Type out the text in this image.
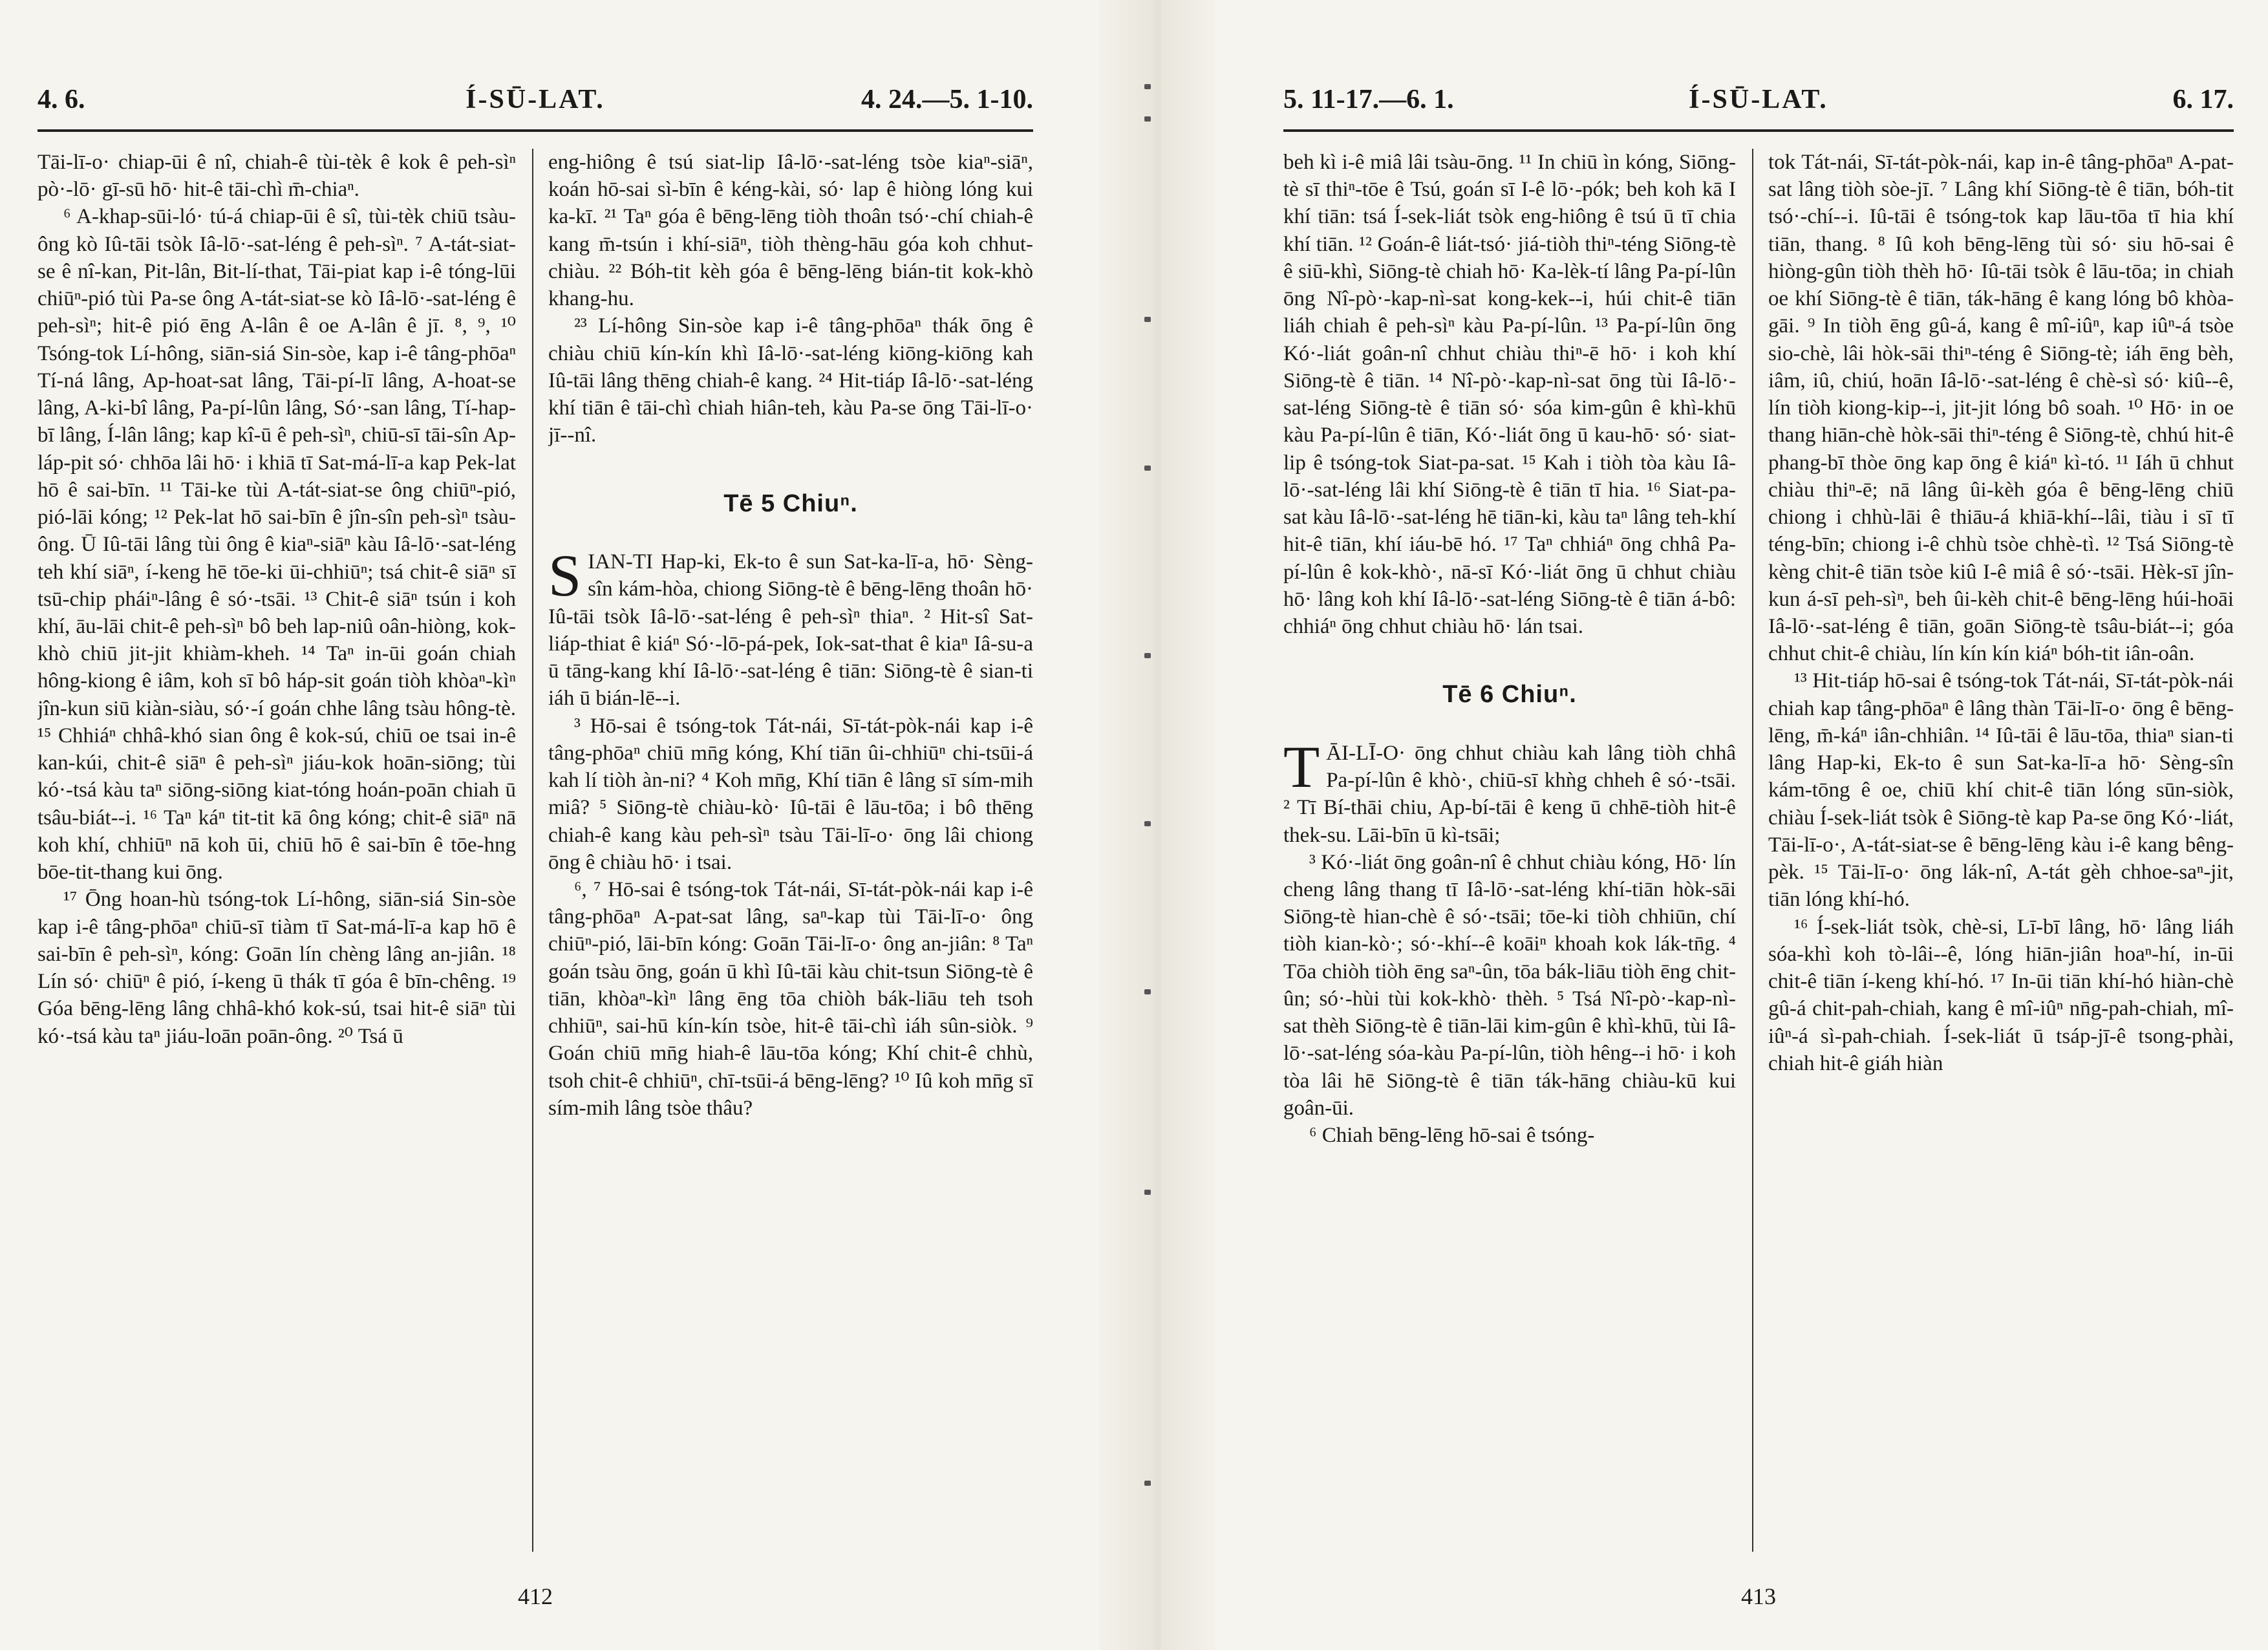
4. 6.	Í-SŪ-LAT.	4. 24.—5. 1-10.

Tāi-lī-o· chiap-ūi ê nî, chiah-ê tùi-tèk ê kok ê peh-sìⁿ pò·-lō· gī-sū hō· hit-ê tāi-chì m̄-chiaⁿ.

⁶ A-khap-sūi-ló· tú-á chiap-ūi ê sî, tùi-tèk chiū tsàu-ông kò Iû-tāi tsòk Iâ-lō·-sat-léng ê peh-sìⁿ. ⁷ A-tát-siat-se ê nî-kan, Pit-lân, Bit-lí-that, Tāi-piat kap i-ê tóng-lūi chiūⁿ-pió tùi Pa-se ông A-tát-siat-se kò Iâ-lō·-sat-léng ê peh-sìⁿ; hit-ê pió ēng A-lân ê oe A-lân ê jī. ⁸, ⁹, ¹⁰ Tsóng-tok Lí-hông, siān-siá Sin-sòe, kap i-ê tâng-phōaⁿ Tí-ná lâng, Ap-hoat-sat lâng, Tāi-pí-lī lâng, A-hoat-se lâng, A-ki-bî lâng, Pa-pí-lûn lâng, Só·-san lâng, Tí-hap-bī lâng, Í-lân lâng; kap kî-ū ê peh-sìⁿ, chiū-sī tāi-sîn Ap-láp-pit só· chhōa lâi hō· i khiā tī Sat-má-lī-a kap Pek-lat hō ê sai-bīn. ¹¹ Tāi-ke tùi A-tát-siat-se ông chiūⁿ-pió, pió-lāi kóng; ¹² Pek-lat hō sai-bīn ê jîn-sîn peh-sìⁿ tsàu-ông. Ū Iû-tāi lâng tùi ông ê kiaⁿ-siāⁿ kàu Iâ-lō·-sat-léng teh khí siāⁿ, í-keng hē tōe-ki ūi-chhiūⁿ; tsá chit-ê siāⁿ sī tsū-chip pháiⁿ-lâng ê só·-tsāi. ¹³ Chit-ê siāⁿ tsún i koh khí, āu-lāi chit-ê peh-sìⁿ bô beh lap-niû oân-hiòng, kok-khò chiū jit-jit khiàm-kheh. ¹⁴ Taⁿ in-ūi goán chiah hông-kiong ê iâm, koh sī bô háp-sit goán tiòh khòaⁿ-kìⁿ jîn-kun siū kiàn-siàu, só·-í goán chhe lâng tsàu hông-tè. ¹⁵ Chhiáⁿ chhâ-khó sian ông ê kok-sú, chiū oe tsai in-ê kan-kúi, chit-ê siāⁿ ê peh-sìⁿ jiáu-kok hoān-siōng; tùi kó·-tsá kàu taⁿ siōng-siōng kiat-tóng hoán-poān chiah ū tsâu-biát--i. ¹⁶ Taⁿ káⁿ tit-tit kā ông kóng; chit-ê siāⁿ nā koh khí, chhiūⁿ nā koh ūi, chiū hō ê sai-bīn ê tōe-hng bōe-tit-thang kui ōng.

¹⁷ Ōng hoan-hù tsóng-tok Lí-hông, siān-siá Sin-sòe kap i-ê tâng-phōaⁿ chiū-sī tiàm tī Sat-má-lī-a kap hō ê sai-bīn ê peh-sìⁿ, kóng: Goān lín chèng lâng an-jiân. ¹⁸ Lín só· chiūⁿ ê pió, í-keng ū thák tī góa ê bīn-chêng. ¹⁹ Góa bēng-lēng lâng chhâ-khó kok-sú, tsai hit-ê siāⁿ tùi kó·-tsá kàu taⁿ jiáu-loān poān-ông. ²⁰ Tsá ū

eng-hiông ê tsú siat-lip Iâ-lō·-sat-léng tsòe kiaⁿ-siāⁿ, koán hō-sai sì-bīn ê kéng-kài, só· lap ê hiòng lóng kui ka-kī. ²¹ Taⁿ góa ê bēng-lēng tiòh thoân tsó·-chí chiah-ê kang m̄-tsún i khí-siāⁿ, tiòh thèng-hāu góa koh chhut-chiàu. ²² Bóh-tit kèh góa ê bēng-lēng bián-tit kok-khò khang-hu.

²³ Lí-hông Sin-sòe kap i-ê tâng-phōaⁿ thák ōng ê chiàu chiū kín-kín khì Iâ-lō·-sat-léng kiōng-kiōng kah Iû-tāi lâng thēng chiah-ê kang. ²⁴ Hit-tiáp Iâ-lō·-sat-léng khí tiān ê tāi-chì chiah hiân-teh, kàu Pa-se ōng Tāi-lī-o· jī--nî.

Tē 5 Chiuⁿ.

SIAN-TI Hap-ki, Ek-to ê sun Sat-ka-lī-a, hō· Sèng-sîn kám-hòa, chiong Siōng-tè ê bēng-lēng thoân hō· Iû-tāi tsòk Iâ-lō·-sat-léng ê peh-sìⁿ thiaⁿ. ² Hit-sî Sat-liáp-thiat ê kiáⁿ Só·-lō-pá-pek, Iok-sat-that ê kiaⁿ Iâ-su-a ū tāng-kang khí Iâ-lō·-sat-léng ê tiān: Siōng-tè ê sian-ti iáh ū bián-lē--i.

³ Hō-sai ê tsóng-tok Tát-nái, Sī-tát-pòk-nái kap i-ê tâng-phōaⁿ chiū mn̄g kóng, Khí tiān ûi-chhiūⁿ chi-tsūi-á kah lí tiòh àn-ni? ⁴ Koh mn̄g, Khí tiān ê lâng sī sím-mih miâ? ⁵ Siōng-tè chiàu-kò· Iû-tāi ê lāu-tōa; i bô thēng chiah-ê kang kàu peh-sìⁿ tsàu Tāi-lī-o· ōng lâi chiong ōng ê chiàu hō· i tsai.

⁶, ⁷ Hō-sai ê tsóng-tok Tát-nái, Sī-tát-pòk-nái kap i-ê tâng-phōaⁿ A-pat-sat lâng, saⁿ-kap tùi Tāi-lī-o· ông chiūⁿ-pió, lāi-bīn kóng: Goān Tāi-lī-o· ông an-jiân: ⁸ Taⁿ goán tsàu ōng, goán ū khì Iû-tāi kàu chit-tsun Siōng-tè ê tiān, khòaⁿ-kìⁿ lâng ēng tōa chiòh bák-liāu teh tsoh chhiūⁿ, sai-hū kín-kín tsòe, hit-ê tāi-chì iáh sûn-siòk. ⁹ Goán chiū mn̄g hiah-ê lāu-tōa kóng; Khí chit-ê chhù, tsoh chit-ê chhiūⁿ, chī-tsūi-á bēng-lēng? ¹⁰ Iû koh mn̄g sī sím-mih lâng tsòe thâu?

412
5. 11-17.—6. 1.	Í-SŪ-LAT.	6. 17.

beh kì i-ê miâ lâi tsàu-ōng. ¹¹ In chiū ìn kóng, Siōng-tè sī thiⁿ-tōe ê Tsú, goán sī I-ê lō·-pók; beh koh kā I khí tiān: tsá Í-sek-liát tsòk eng-hiông ê tsú ū tī chia khí tiān. ¹² Goán-ê liát-tsó· jiá-tiòh thiⁿ-téng Siōng-tè ê siū-khì, Siōng-tè chiah hō· Ka-lèk-tí lâng Pa-pí-lûn ōng Nî-pò·-kap-nì-sat kong-kek--i, húi chit-ê tiān liáh chiah ê peh-sìⁿ kàu Pa-pí-lûn. ¹³ Pa-pí-lûn ōng Kó·-liát goân-nî chhut chiàu thiⁿ-ē hō· i koh khí Siōng-tè ê tiān. ¹⁴ Nî-pò·-kap-nì-sat ōng tùi Iâ-lō·-sat-léng Siōng-tè ê tiān só· sóa kim-gûn ê khì-khū kàu Pa-pí-lûn ê tiān, Kó·-liát ōng ū kau-hō· só· siat-lip ê tsóng-tok Siat-pa-sat. ¹⁵ Kah i tiòh tòa kàu Iâ-lō·-sat-léng lâi khí Siōng-tè ê tiān tī hia. ¹⁶ Siat-pa-sat kàu Iâ-lō·-sat-léng hē tiān-ki, kàu taⁿ lâng teh-khí hit-ê tiān, khí iáu-bē hó. ¹⁷ Taⁿ chhiáⁿ ōng chhâ Pa-pí-lûn ê kok-khò·, nā-sī Kó·-liát ōng ū chhut chiàu hō· lâng koh khí Iâ-lō·-sat-léng Siōng-tè ê tiān á-bô: chhiáⁿ ōng chhut chiàu hō· lán tsai.

Tē 6 Chiuⁿ.

TĀI-LĪ-O· ōng chhut chiàu kah lâng tiòh chhâ Pa-pí-lûn ê khò·, chiū-sī khǹg chheh ê só·-tsāi. ² Tī Bí-thāi chiu, Ap-bí-tāi ê keng ū chhē-tiòh hit-ê thek-su. Lāi-bīn ū kì-tsāi;

³ Kó·-liát ōng goân-nî ê chhut chiàu kóng, Hō· lín cheng lâng thang tī Iâ-lō·-sat-léng khí-tiān hòk-sāi Siōng-tè hian-chè ê só·-tsāi; tōe-ki tiòh chhiūn, chí tiòh kian-kò·; só·-khí--ê koāiⁿ khoah kok lák-tn̄g. ⁴ Tōa chiòh tiòh ēng saⁿ-ûn, tōa bák-liāu tiòh ēng chit-ûn; só·-hùi tùi kok-khò· thèh. ⁵ Tsá Nî-pò·-kap-nì-sat thèh Siōng-tè ê tiān-lāi kim-gûn ê khì-khū, tùi Iâ-lō·-sat-léng sóa-kàu Pa-pí-lûn, tiòh hêng--i hō· i koh tòa lâi hē Siōng-tè ê tiān ták-hāng chiàu-kū kui goân-ūi.

⁶ Chiah bēng-lēng hō-sai ê tsóng-

tok Tát-nái, Sī-tát-pòk-nái, kap in-ê tâng-phōaⁿ A-pat-sat lâng tiòh sòe-jī. ⁷ Lâng khí Siōng-tè ê tiān, bóh-tit tsó·-chí--i. Iû-tāi ê tsóng-tok kap lāu-tōa tī hia khí tiān, thang. ⁸ Iû koh bēng-lēng tùi só· siu hō-sai ê hiòng-gûn tiòh thèh hō· Iû-tāi tsòk ê lāu-tōa; in chiah oe khí Siōng-tè ê tiān, ták-hāng ê kang lóng bô khòa-gāi. ⁹ In tiòh ēng gû-á, kang ê mî-iûⁿ, kap iûⁿ-á tsòe sio-chè, lâi hòk-sāi thiⁿ-téng ê Siōng-tè; iáh ēng bèh, iâm, iû, chiú, hoān Iâ-lō·-sat-léng ê chè-sì só· kiû--ê, lín tiòh kiong-kip--i, jit-jit lóng bô soah. ¹⁰ Hō· in oe thang hiān-chè hòk-sāi thiⁿ-téng ê Siōng-tè, chhú hit-ê phang-bī thòe ōng kap ōng ê kiáⁿ kì-tó. ¹¹ Iáh ū chhut chiàu thiⁿ-ē; nā lâng ûi-kèh góa ê bēng-lēng chiū chiong i chhù-lāi ê thiāu-á khiā-khí--lâi, tiàu i sī tī téng-bīn; chiong i-ê chhù tsòe chhè-tì. ¹² Tsá Siōng-tè kèng chit-ê tiān tsòe kiû I-ê miâ ê só·-tsāi. Hèk-sī jîn-kun á-sī peh-sìⁿ, beh ûi-kèh chit-ê bēng-lēng húi-hoāi Iâ-lō·-sat-léng ê tiān, goān Siōng-tè tsâu-biát--i; góa chhut chit-ê chiàu, lín kín kín kiáⁿ bóh-tit iân-oân.

¹³ Hit-tiáp hō-sai ê tsóng-tok Tát-nái, Sī-tát-pòk-nái chiah kap tâng-phōaⁿ ê lâng thàn Tāi-lī-o· ōng ê bēng-lēng, m̄-káⁿ iân-chhiân. ¹⁴ Iû-tāi ê lāu-tōa, thiaⁿ sian-ti lâng Hap-ki, Ek-to ê sun Sat-ka-lī-a hō· Sèng-sîn kám-tōng ê oe, chiū khí chit-ê tiān lóng sūn-siòk, chiàu Í-sek-liát tsòk ê Siōng-tè kap Pa-se ōng Kó·-liát, Tāi-lī-o·, A-tát-siat-se ê bēng-lēng kàu i-ê kang bêng-pèk. ¹⁵ Tāi-lī-o· ōng lák-nî, A-tát gèh chhoe-saⁿ-jit, tiān lóng khí-hó.

¹⁶ Í-sek-liát tsòk, chè-si, Lī-bī lâng, hō· lâng liáh sóa-khì koh tò-lâi--ê, lóng hiān-jiân hoaⁿ-hí, in-ūi chit-ê tiān í-keng khí-hó. ¹⁷ In-ūi tiān khí-hó hiàn-chè gû-á chit-pah-chiah, kang ê mî-iûⁿ nn̄g-pah-chiah, mî-iûⁿ-á sì-pah-chiah. Í-sek-liát ū tsáp-jī-ê tsong-phài, chiah hit-ê giáh hiàn

413
